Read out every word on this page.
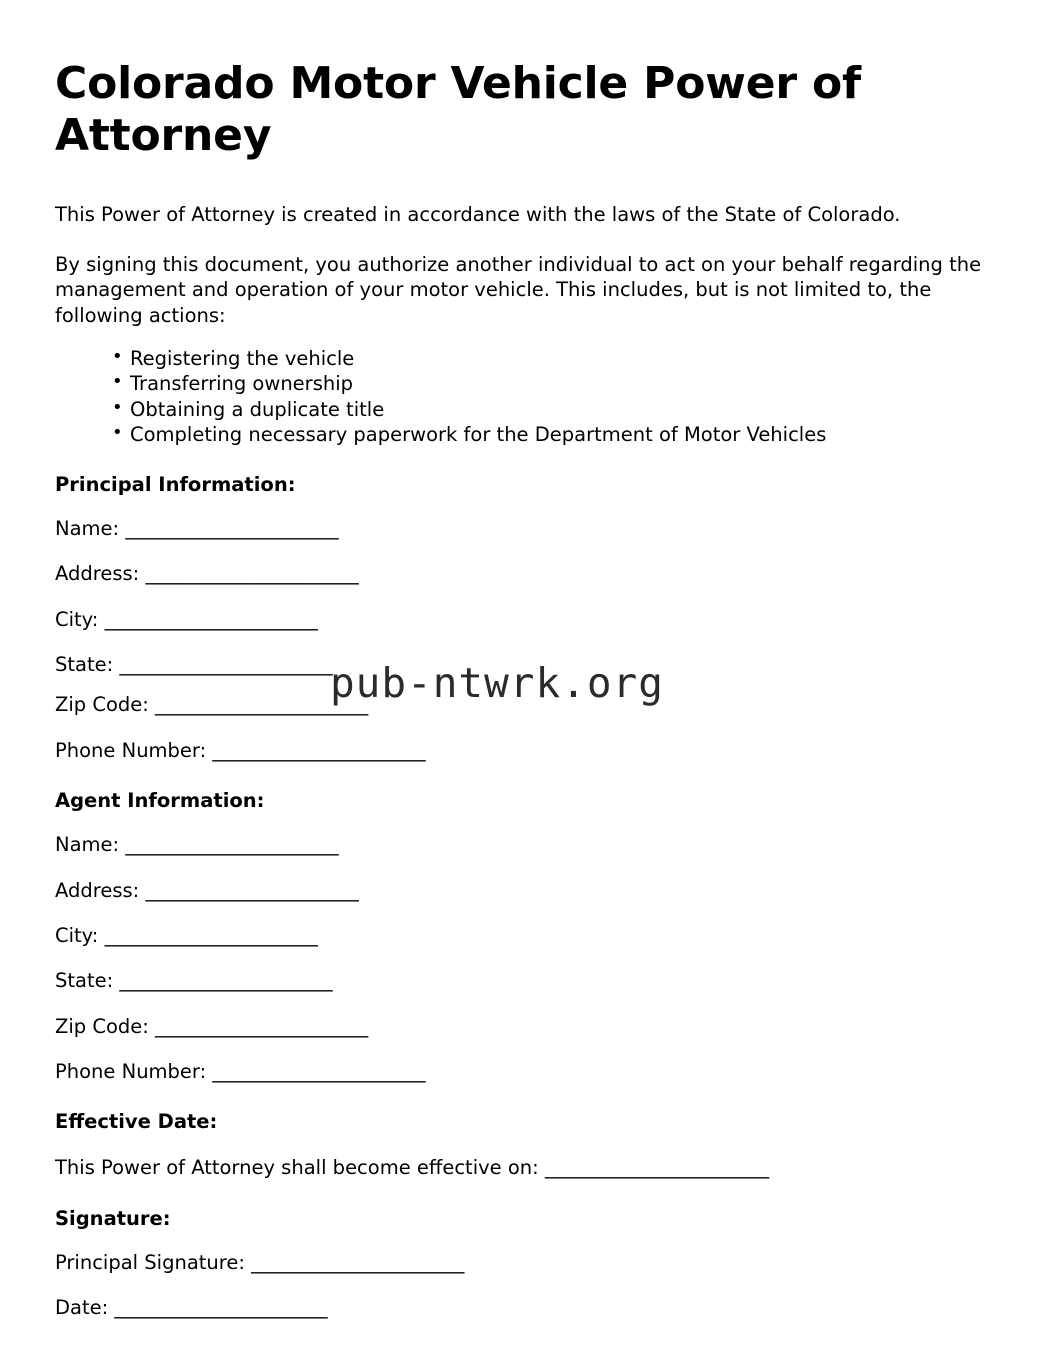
Colorado Motor Vehicle Power of Attorney

This Power of Attorney is created in accordance with the laws of the State of Colorado.

By signing this document, you authorize another individual to act on your behalf regarding the management and operation of your motor vehicle. This includes, but is not limited to, the following actions:

• Registering the vehicle
• Transferring ownership
• Obtaining a duplicate title
• Completing necessary paperwork for the Department of Motor Vehicles
Principal Information:
Name: _______________________
Address: _______________________
City: _______________________
State: _______________________
Zip Code: _______________________
Phone Number: _______________________
Agent Information:
Name: _______________________
Address: _______________________
City: _______________________
State: _______________________
Zip Code: _______________________
Phone Number: _______________________
Effective Date:
This Power of Attorney shall become effective on: _______________________
Signature:
Principal Signature: _______________________
Date: _______________________
pub-ntwrk.org
